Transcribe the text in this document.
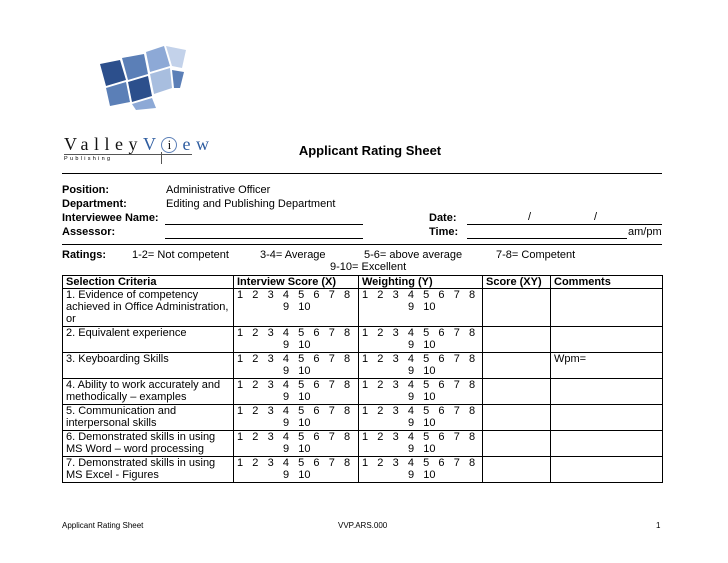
ValleyV i ew
Publishing
Applicant Rating Sheet
Position:	Administrative Officer
Department:	Editing and Publishing Department
Interviewee Name:
Assessor:
Date:	/	/
Time:	am/pm
Ratings: 1-2= Not competent	3-4= Average	5-6= above average	7-8= Competent
9-10= Excellent
Selection Criteria	Interview Score (X)	Weighting (Y)	Score (XY)	Comments
1. Evidence of competency achieved in Office Administration, or	1   2   3   4   5   6   7   8
9   10	1   2   3   4   5   6   7   8
9   10		

2. Equivalent experience	1   2   3   4   5   6   7   8
9   10	1   2   3   4   5   6   7   8
9   10		

3. Keyboarding Skills	1   2   3   4   5   6   7   8
9   10	1   2   3   4   5   6   7   8
9   10		Wpm=
4. Ability to work accurately and methodically – examples	1   2   3   4   5   6   7   8
9   10	1   2   3   4   5   6   7   8
9   10		

5. Communication and interpersonal skills	1   2   3   4   5   6   7   8
9   10	1   2   3   4   5   6   7   8
9   10		

6. Demonstrated skills in using MS Word – word processing	1   2   3   4   5   6   7   8
9   10	1   2   3   4   5   6   7   8
9   10		

7. Demonstrated skills in using MS Excel - Figures	1   2   3   4   5   6   7   8
9   10	1   2   3   4   5   6   7   8
9   10		

Applicant Rating Sheet	VVP.ARS.000	1
